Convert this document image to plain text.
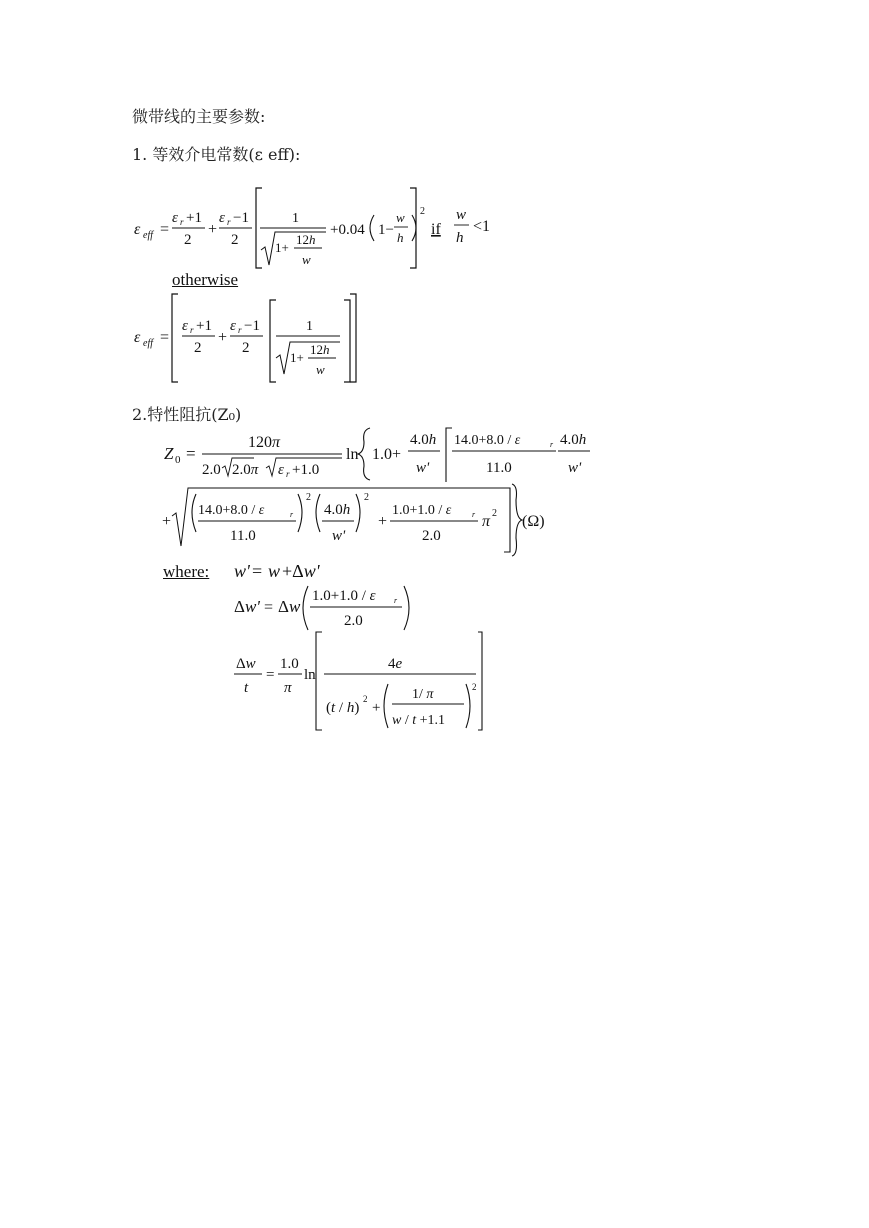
微带线的主要参数:
1. 等效介电常数(ε eff):
ε eff =
ε r +1
2
+
ε r −1
2
1
1+
12h
w
+0.04 1−
w
h
2
if
w
h
<1
otherwise
ε eff =
ε r +1
2
+
ε r −1
2
1
1+
12h
w
2.特性阻抗(Z₀)
Z 0 =
120π
2.0 2.0π ε r +1.0
ln 1.0+
4.0h
w'
14.0+8.0 / ε	r
11.0
4.0h
w'
+
14.0+8.0 / ε	r
11.0
2
4.0h
w'
2
+
1.0+1.0 / ε	r
2.0
π 2 (Ω)
where: w' = w +Δw'
Δw' = Δw
1.0+1.0 / ε r
2.0
Δw
t
=
1.0
π
ln
4e
(t / h)
2
+
1/ π
w / t +1.1
2
